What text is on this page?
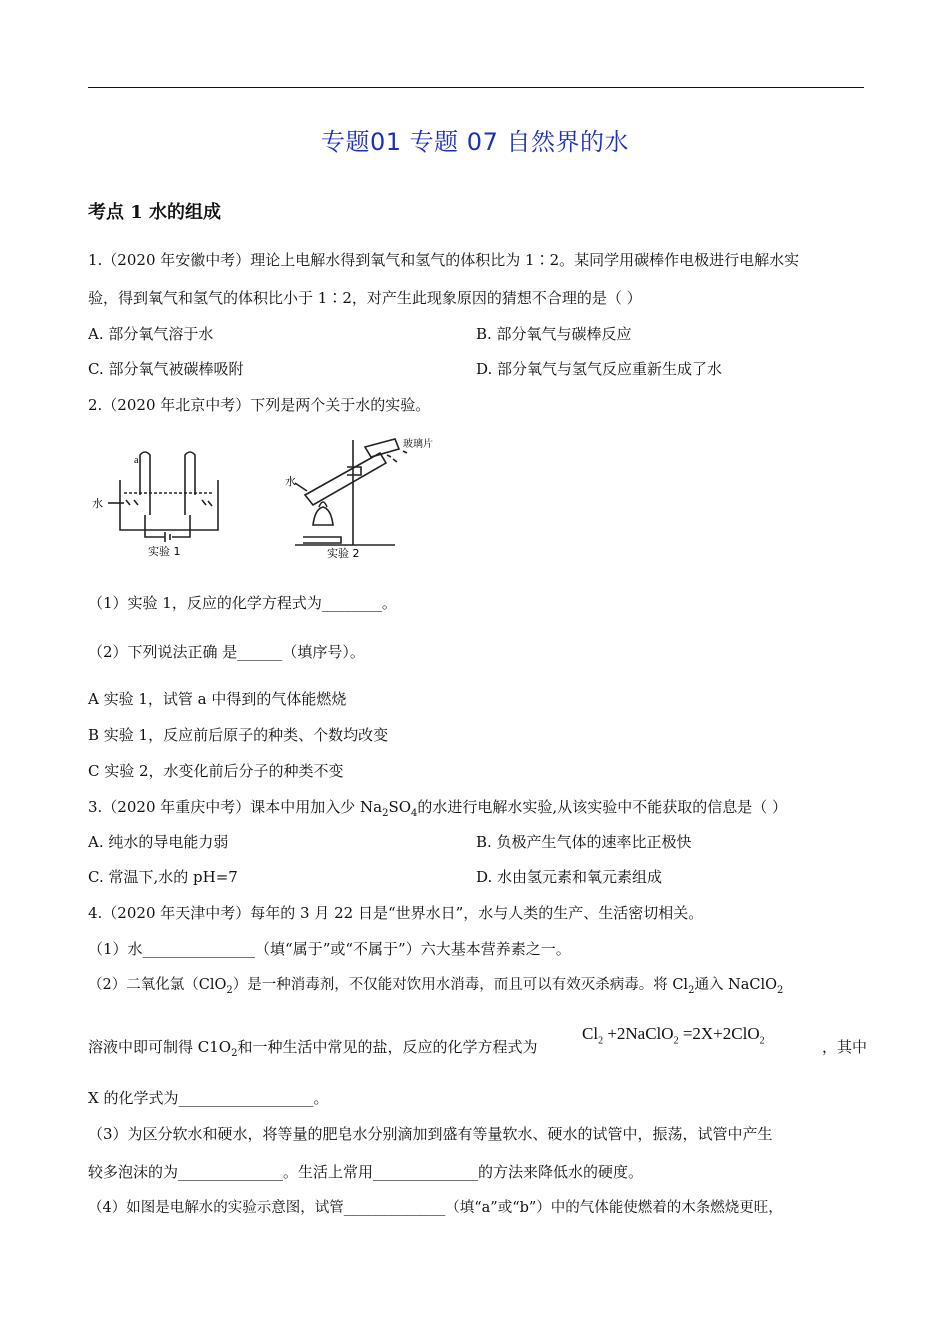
专题01 专题 07 自然界的水
考点 1 水的组成
1.（2020 年安徽中考）理论上电解水得到氧气和氢气的体积比为 1∶2。某同学用碳棒作电极进行电解水实
验，得到氧气和氢气的体积比小于 1∶2，对产生此现象原因的猜想不合理的是（ ）
A. 部分氧气溶于水	B. 部分氧气与碳棒反应
C. 部分氧气被碳棒吸附	D. 部分氧气与氢气反应重新生成了水
2.（2020 年北京中考）下列是两个关于水的实验。
a
水
实验 1
玻璃片
水
实验 2
（1）实验 1，反应的化学方程式为________。
（2）下列说法正确 是______（填序号）。
A 实验 1，试管 a 中得到的气体能燃烧
B 实验 1，反应前后原子的种类、个数均改变
C 实验 2，水变化前后分子的种类不变
3.（2020 年重庆中考）课本中用加入少 $Na_2SO_4$的水进行电解水实验,从该实验中不能获取的信息是（ ）
A. 纯水的导电能力弱	B. 负极产生气体的速率比正极快
C. 常温下,水的 pH=7	D. 水由氢元素和氧元素组成
4.（2020 年天津中考）每年的 3 月 22 日是“世界水日”，水与人类的生产、生活密切相关。
（1）水_______________（填“属于”或“不属于”）六大基本营养素之一。
（2）二氧化氯（ClO$_2$）是一种消毒剂，不仅能对饮用水消毒，而且可以有效灭杀病毒。将 $Cl_2$通入 NaClO$_2$
溶液中即可制得 $C1O_2$和一种生活中常见的盐，反应的化学方程式为
$Cl_2$ +2NaClO$_2$ =2X+2ClO$_2$	，其中
X 的化学式为__________________。
（3）为区分软水和硬水，将等量的肥皂水分别滴加到盛有等量软水、硬水的试管中，振荡，试管中产生
较多泡沫的为______________。生活上常用______________的方法来降低水的硬度。
（4）如图是电解水的实验示意图，试管______________（填“a”或“b”）中的气体能使燃着的木条燃烧更旺，
